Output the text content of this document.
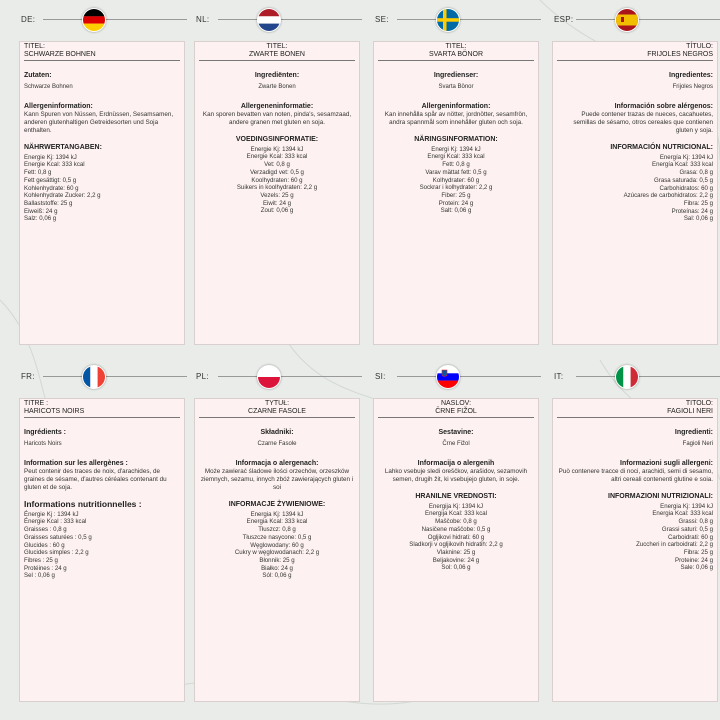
DE:
TITEL:
SCHWARZE BOHNEN
Zutaten:
Schwarze Bohnen
Allergeninformation:
Kann Spuren von Nüssen, Erdnüssen, Sesamsamen, anderen glutenhaltigen Getreidesorten und Soja enthalten.
NÄHRWERTANGABEN:
Energie Kj: 1394 kJ
Energie Kcal: 333 kcal
Fett: 0,8 g
Fett gesättigt: 0,5 g
Kohlenhydrate: 60 g
Kohlenhydrate Zucker: 2,2 g
Ballaststoffe: 25 g
Eiweiß: 24 g
Salz: 0,06 g
NL:
TITEL:
ZWARTE BONEN
Ingrediënten:
Zwarte Bonen
Allergeneninformatie:
Kan sporen bevatten van noten, pinda's, sesamzaad, andere granen met gluten en soja.
VOEDINGSINFORMATIE:
Energie Kj: 1394 kJ
Energie Kcal: 333 kcal
Vet: 0,8 g
Verzadigd vet: 0,5 g
Koolhydraten: 60 g
Suikers in koolhydraten: 2,2 g
Vezels: 25 g
Eiwit: 24 g
Zout: 0,06 g
SE:
TITEL:
SVARTA BÖNOR
Ingredienser:
Svarta Bönor
Allergeninformation:
Kan innehålla spår av nötter, jordnötter, sesamfrön, andra spannmål som innehåller gluten och soja.
NÄRINGSINFORMATION:
Energi Kj: 1394 kJ
Energi Kcal: 333 kcal
Fett: 0,8 g
Varav mättat fett: 0,5 g
Kolhydrater: 60 g
Sockrar i kolhydrater: 2,2 g
Fiber: 25 g
Protein: 24 g
Salt: 0,06 g
ESP:
TÍTULO:
FRIJOLES NEGROS
Ingredientes:
Frijoles Negros
Información sobre alérgenos:
Puede contener trazas de nueces, cacahuetes, semillas de sésamo, otros cereales que contienen gluten y soja.
INFORMACIÓN NUTRICIONAL:
Energía Kj: 1394 kJ
Energía Kcal: 333 kcal
Grasa: 0,8 g
Grasa saturada: 0,5 g
Carbohidratos: 60 g
Azúcares de carbohidratos: 2,2 g
Fibra: 25 g
Proteínas: 24 g
Sal: 0,06 g
FR:
TITRE :
HARICOTS NOIRS
Ingrédients :
Haricots Noirs
Information sur les allergènes :
Peut contenir des traces de noix, d'arachides, de graines de sésame, d'autres céréales contenant du gluten et de soja.
Informations nutritionnelles :
Énergie Kj : 1394 kJ
Énergie Kcal : 333 kcal
Graisses : 0,8 g
Graisses saturées : 0,5 g
Glucides : 60 g
Glucides simples : 2,2 g
Fibres : 25 g
Protéines : 24 g
Sel : 0,06 g
PL:
TYTUŁ:
CZARNE FASOLE
Składniki:
Czarne Fasole
Informacja o alergenach:
Może zawierać śladowe ilości orzechów, orzeszków ziemnych, sezamu, innych zbóż zawierających gluten i soi
INFORMACJE ŻYWIENIOWE:
Energia Kj: 1394 kJ
Energia Kcal: 333 kcal
Tłuszcz: 0,8 g
Tłuszcze nasycone: 0,5 g
Węglowodany: 60 g
Cukry w węglowodanach: 2,2 g
Błonnik: 25 g
Białko: 24 g
Sól: 0,06 g
SI:
NASLOV:
ČRNE FIŽOL
Sestavine:
Črne Fižol
Informacija o alergenih
Lahko vsebuje sledi oreščkov, arašidov, sezamovih semen, drugih žit, ki vsebujejo gluten, in soje.
HRANILNE VREDNOSTI:
Energija Kj: 1394 kJ
Energija Kcal: 333 kcal
Maščobe: 0,8 g
Nasičene maščobe: 0,5 g
Ogljikovi hidrati: 60 g
Sladkorji v ogljikovih hidratih: 2,2 g
Vlaknine: 25 g
Beljakovine: 24 g
Sol: 0,06 g
IT:
TITOLO:
FAGIOLI NERI
Ingredienti:
Fagioli Neri
Informazioni sugli allergeni:
Può contenere tracce di noci, arachidi, semi di sesamo, altri cereali contenenti glutine e soia.
INFORMAZIONI NUTRIZIONALI:
Energia Kj: 1394 kJ
Energia Kcal: 333 kcal
Grassi: 0,8 g
Grassi saturi: 0,5 g
Carboidrati: 60 g
Zuccheri in carboidrati: 2,2 g
Fibra: 25 g
Proteine: 24 g
Sale: 0,06 g
